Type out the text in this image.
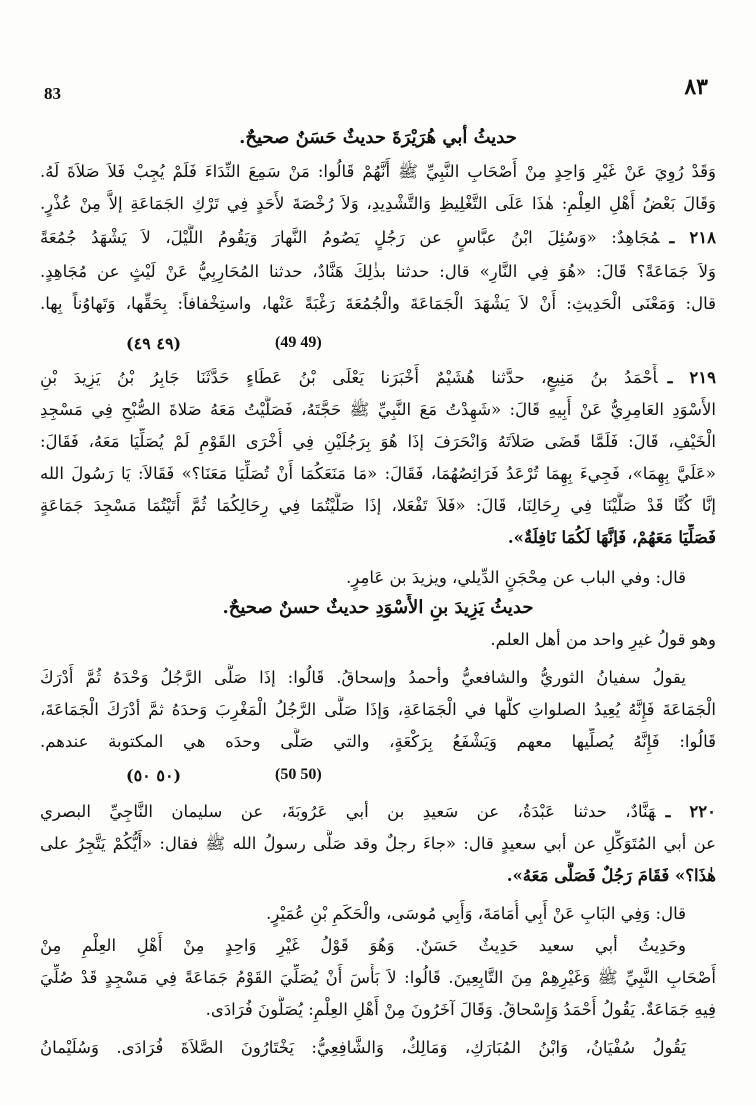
83	٨٣
حديثُ أبي هُرَيْرَةَ حديثٌ حَسَنٌ صحيحٌ.
وَقَدْ رُوِيَ عَنْ غَيْرِ وَاحِدٍ مِنْ أَصْحَابِ النَّبِيِّ ﷺ أَنَّهُمْ قَالُوا: مَنْ سَمِعَ النِّدَاءَ فَلَمْ يُجِبْ فَلاَ صَلاَةَ لَهُ.
وَقَالَ بَعْضُ أَهْلِ العِلْمِ: هٰذَا عَلَى التَّغْلِيظِ وَالتَّشْدِيدِ، وَلاَ رُخْصَةَ لأَحَدٍ فِي تَرْكِ الجَمَاعَةِ إلاَّ مِنْ عُذْرٍ.
٢١٨ ـمُجَاهِدٌ: «وَسُئِلَ ابْنُ عبَّاسٍ عن رَجُلٍ يَصُومُ النَّهارَ وَيَقُومُ اللَّيْلَ، لاَ يَشْهَدُ جُمُعَةً
وَلاَ جَمَاعَةً؟ قَالَ: «هُوَ فِي النَّارِ» قال: حدثنا بذٰلِكَ هَنَّادٌ، حدثنا المُحَارِبِيُّ عَنْ لَيْثٍ عن مُجَاهِدٍ.
قال: وَمَعْنَى الْحَدِيثِ: أَنْ لاَ يَشْهَدَ الْجَمَاعَةَ والْجُمُعَةَ رَغْبَةً عَنْها، واستِخْفافاً: بِحَقِّها، وَتَهاوُناً بِها.
(٤٩ ٤٩)	(49 49)
٢١٩ ـأَحْمَدُ بنُ مَنِيعٍ، حدَّثنا هُشَيْمٌ أَخْبَرَنا يَعْلَى بْنُ عَطَاءٍ حَدَّثَنَا جَابِرُ بْنُ يَزِيدَ بْنِ
الأَسْوَدِ العَامِرِيُّ عَنْ أَبِيهِ قَالَ: «شَهِدْتُ مَعَ النَّبِيِّ ﷺ حَجَّتَهُ، فَصَلَّيْتُ مَعَهُ صَلاةَ الصُّبْحِ فِي مَسْجِدِ
الْخَيْفِ، قَالَ: فَلَمَّا قَضَى صَلاَتَهُ وَانْحَرَفَ إذَا هُوَ بِرَجُلَيْنِ فِي أُخْرَى القَوْمِ لَمْ يُصَلِّيَا مَعَهُ، فَقَالَ:
«عَلَيَّ بِهِمَا»، فَجِيءَ بِهِمَا تُرْعَدُ فَرَائِصُهُمَا، فَقَالَ: «مَا مَنَعَكُمَا أَنْ تُصَلِّيَا مَعَنَا؟» فَقَالاَ: يَا رَسُولَ الله
إنَّا كُنَّا قَدْ صَلَّيْنَا فِي رِحَالِنَا، قَالَ: «فَلاَ تَفْعَلا، إذَا صَلَّيْتُمَا فِي رِحَالِكُمَا ثُمَّ أَتَيْتُمَا مَسْجِدَ جَمَاعَةٍ
فَصَلِّيَا مَعَهُمْ، فَإنَّهَا لَكُمَا نَافِلَةٌ».
قال: وفي الباب عن مِحْجَنٍ الدِّيلي، ويزيدَ بن عَامِرٍ.
حديثُ يَزِيدَ بنِ الأَسْوَدِ حديثٌ حسنٌ صحيحٌ.
وهو قولُ غيرِ واحد من أهل العلم.
يقولُ سفيانُ الثوريُّ والشافعيُّ وأحمدُ وإسحاقُ. قَالُوا: إذَا صَلَّى الرَّجُلُ وَحْدَهُ ثُمَّ أَدْرَكَ
الْجَمَاعَةَ فَإِنَّهُ يُعِيدُ الصلواتِ كلَّها في الْجَمَاعَةِ، وَإذَا صَلَّى الرَّجُلُ الْمَغْرِبَ وَحدَهُ ثمَّ أدْرَكَ الْجَمَاعَةَ،
قَالُوا: فَإِنَّهُ يُصلِّيها معهم وَيَشْفَعُ بِرَكْعَةٍ، والتي صَلَّى وحدَه هي المكتوبة عندهم.
(٥٠ ٥٠)	(50 50)
٢٢٠ ـهَنَّادٌ، حدثنا عَبْدَةُ، عن سَعيدِ بن أبي عَرُوبَةَ، عن سليمان النَّاجِيِّ البصري
عن أبي المُتَوَكِّلِ عن أبي سعيدٍ قال: «جاءَ رجلٌ وقد صَلَّى رسولُ الله ﷺ فقال: «أَيُّكُمْ يَتَّجِرُ على
هٰذَا؟» فَقَامَ رَجُلٌ فَصَلَّى مَعَهُ».
قال: وَفِي البَابِ عَنْ أَبِي أُمَامَةَ، وَأَبِي مُوسَى، والْحَكَمِ بْنِ عُمَيْرٍ.
وحَدِيثُ أبي سعيد حَدِيثٌ حَسَنٌ. وَهُوَ قَوْلُ غَيْرِ وَاحِدٍ مِنْ أَهْلِ العِلْمِ مِنْ
أَصْحَابِ النَّبِيِّ ﷺ وَغَيْرِهِمْ مِنَ التَّابِعِينَ. قَالُوا: لاَ بَأْسَ أَنْ يُصَلِّيَ القَوْمُ جَمَاعَةً فِي مَسْجِدٍ قَدْ صُلِّيَ
فِيهِ جَمَاعَةٌ. يَقُولُ أَحْمَدُ وَإِسْحاقُ. وَقَالَ آخَرُونَ مِنْ أَهْلِ العِلْمِ: يُصَلُّونَ فُرَادَى.
يَقُولُ سُفْيَانُ، وَابْنُ المُبَارَكِ، وَمَالِكٌ، وَالشَّافِعِيُّ: يَخْتَارُونَ الصَّلاَةَ فُرَادَى. وَسُلَيْمانُ
